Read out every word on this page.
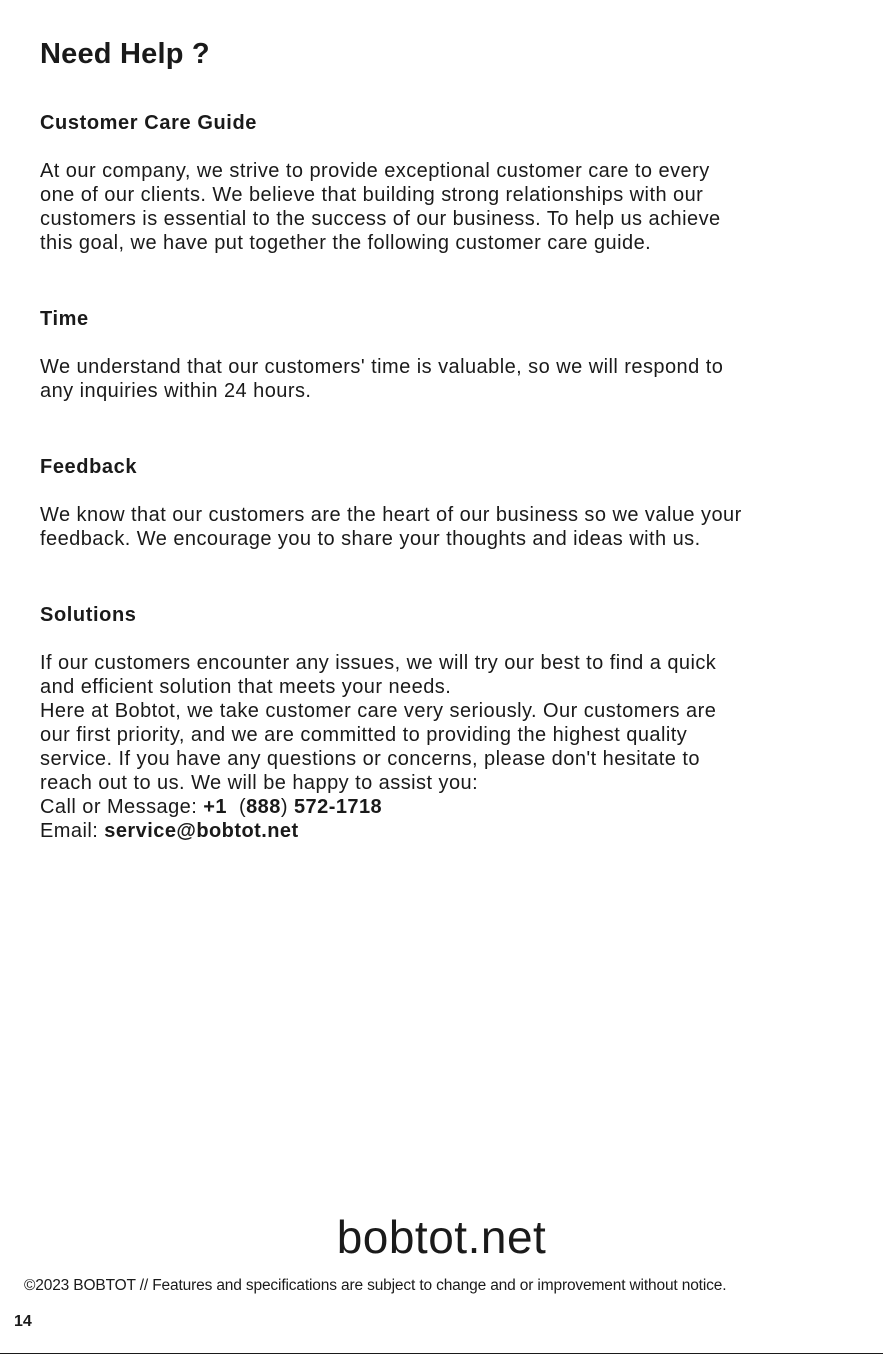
Need Help ?
Customer Care Guide

At our company, we strive to provide exceptional customer care to every

one of our clients. We believe that building strong relationships with our

customers is essential to the success of our business. To help us achieve

this goal, we have put together the following customer care guide.

Time

We understand that our customers' time is valuable, so we will respond to

any inquiries within 24 hours.

Feedback

We know that our customers are the heart of our business so we value your

feedback. We encourage you to share your thoughts and ideas with us.

Solutions

If our customers encounter any issues, we will try our best to find a quick

and efficient solution that meets your needs.

Here at Bobtot, we take customer care very seriously. Our customers are

our first priority, and we are committed to providing the highest quality

service. If you have any questions or concerns, please don't hesitate to

reach out to us. We will be happy to assist you:

Call or Message: +1 (888) 572-1718

Email: service@bobtot.net

bobtot.net

©2023 BOBTOT // Features and specifications are subject to change and or improvement without notice.

14
